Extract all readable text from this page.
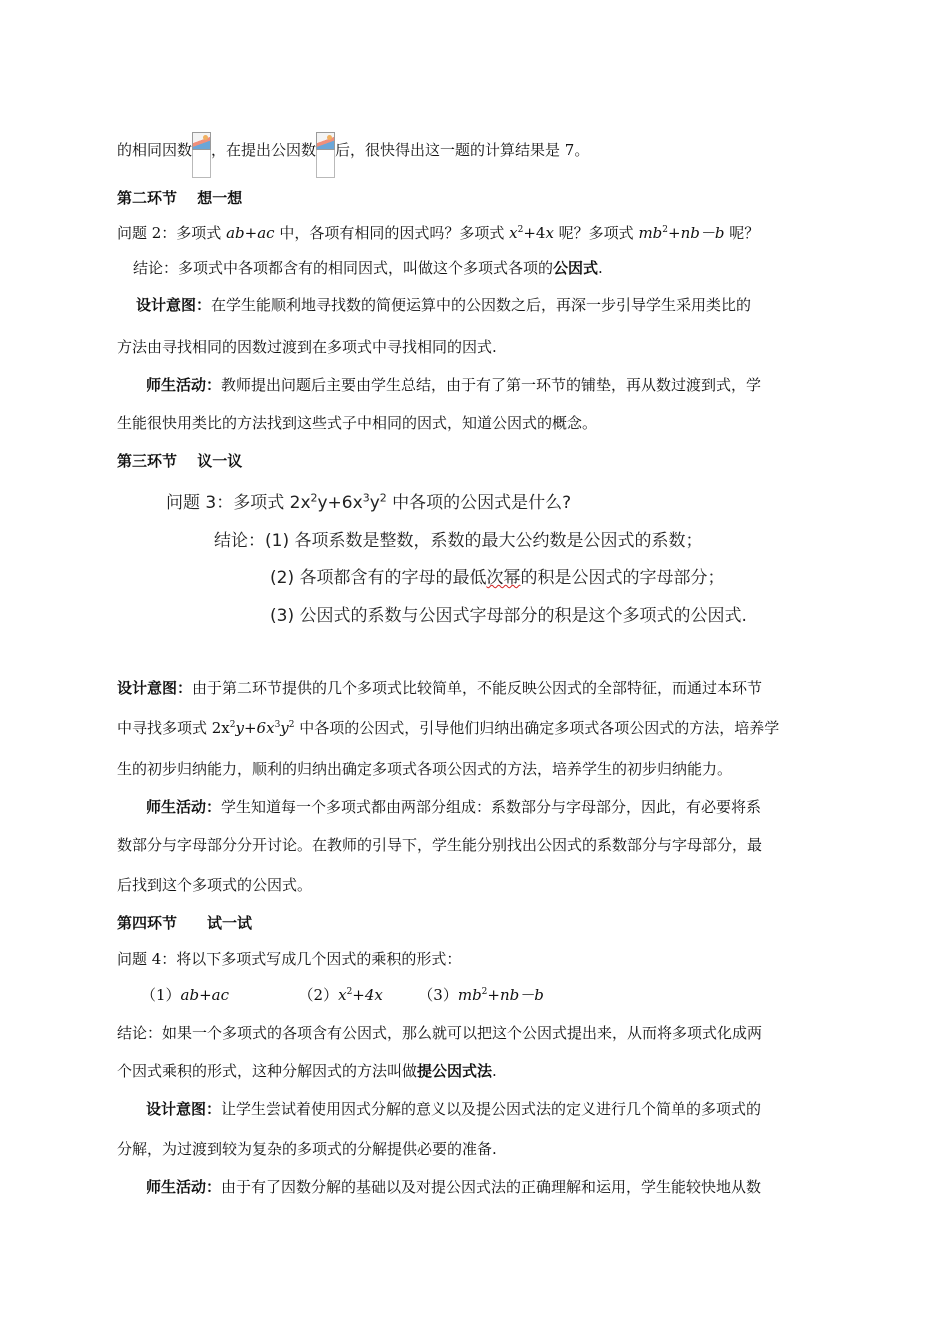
的相同因数 ，在提出公因数 后，很快得出这一题的计算结果是 7。
第二环节　 想一想
问题 2：多项式 ab+ac 中，各项有相同的因式吗？多项式 $x^2+4x$ 呢？多项式 $mb^2+nb-b$ 呢？
结论：多项式中各项都含有的相同因式，叫做这个多项式各项的公因式.
设计意图：在学生能顺利地寻找数的简便运算中的公因数之后，再深一步引导学生采用类比的
方法由寻找相同的因数过渡到在多项式中寻找相同的因式.
师生活动：教师提出问题后主要由学生总结，由于有了第一环节的铺垫，再从数过渡到式，学
生能很快用类比的方法找到这些式子中相同的因式，知道公因式的概念。
第三环节　 议一议
问题 3：多项式 $2x^2y+6x^3y^2$ 中各项的公因式是什么?
结论：(1) 各项系数是整数，系数的最大公约数是公因式的系数；
(2) 各项都含有的字母的最低次幂的积是公因式的字母部分；
(3) 公因式的系数与公因式字母部分的积是这个多项式的公因式.
设计意图：由于第二环节提供的几个多项式比较简单，不能反映公因式的全部特征，而通过本环节
中寻找多项式 $2x^2y+6x^3y^2$ 中各项的公因式，引导他们归纳出确定多项式各项公因式的方法，培养学
生的初步归纳能力，顺利的归纳出确定多项式各项公因式的方法，培养学生的初步归纳能力。
师生活动：学生知道每一个多项式都由两部分组成：系数部分与字母部分，因此，有必要将系
数部分与字母部分分开讨论。在教师的引导下，学生能分别找出公因式的系数部分与字母部分，最
后找到这个多项式的公因式。
第四环节　　试一试
问题 4：将以下多项式写成几个因式的乘积的形式：
（1）ab+ac	$(2)x^2+4x$ $(3)mb^2+nb-b$
结论：如果一个多项式的各项含有公因式，那么就可以把这个公因式提出来，从而将多项式化成两
个因式乘积的形式，这种分解因式的方法叫做提公因式法.
设计意图：让学生尝试着使用因式分解的意义以及提公因式法的定义进行几个简单的多项式的
分解，为过渡到较为复杂的多项式的分解提供必要的准备.
师生活动：由于有了因数分解的基础以及对提公因式法的正确理解和运用，学生能较快地从数
